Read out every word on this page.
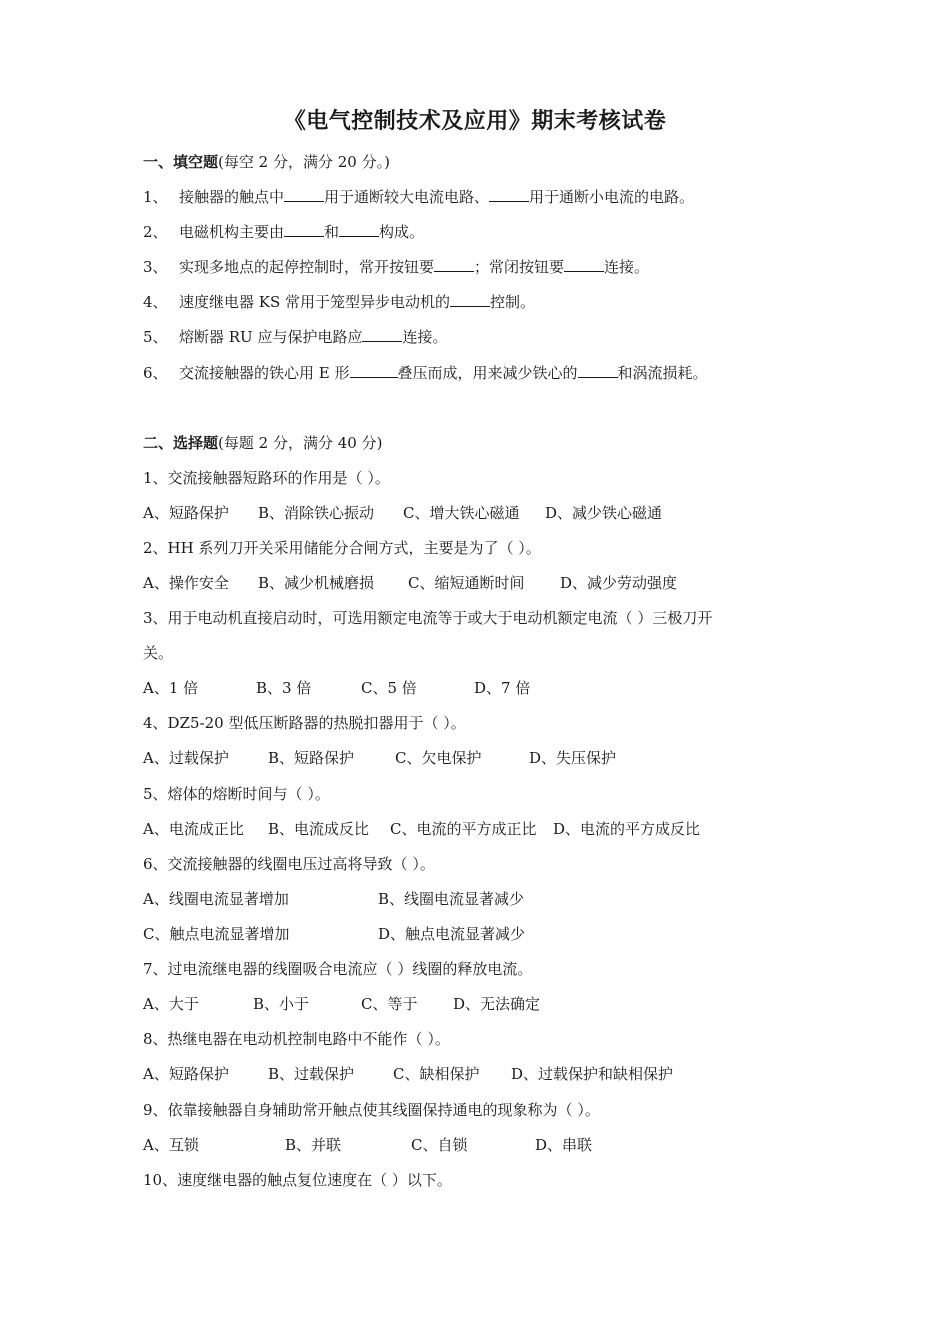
《电气控制技术及应用》期末考核试卷
一、填空题(每空 2 分，满分 20 分。)
1、 接触器的触点中	用于通断较大电流电路、	用于通断小电流的电路。
2、 电磁机构主要由	和	构成。
3、 实现多地点的起停控制时，常开按钮要	；常闭按钮要	连接。
4、 速度继电器 KS 常用于笼型异步电动机的	控制。
5、 熔断器 RU 应与保护电路应	连接。
6、 交流接触器的铁心用 E 形	叠压而成，用来减少铁心的	和涡流损耗。
二、选择题(每题 2 分，满分 40 分)
1、交流接触器短路环的作用是（ ）。
A、短路保护 B、消除铁心振动 C、增大铁心磁通 D、减少铁心磁通
2、HH 系列刀开关采用储能分合闸方式，主要是为了（ ）。
A、操作安全 B、减少机械磨损 C、缩短通断时间 D、减少劳动强度
3、用于电动机直接启动时，可选用额定电流等于或大于电动机额定电流（ ）三极刀开
关。
A、1 倍	B、3 倍	C、5 倍	D、7 倍
4、DZ5-20 型低压断路器的热脱扣器用于（ ）。
A、过载保护	B、短路保护	C、欠电保护	D、失压保护
5、熔体的熔断时间与（ ）。
A、电流成正比 B、电流成反比 C、电流的平方成正比 D、电流的平方成反比
6、交流接触器的线圈电压过高将导致（ ）。
A、线圈电流显著增加	B、线圈电流显著减少
C、触点电流显著增加	D、触点电流显著减少
7、过电流继电器的线圈吸合电流应（ ）线圈的释放电流。
A、大于	B、小于	C、等于 D、无法确定
8、热继电器在电动机控制电路中不能作（ ）。
A、短路保护	B、过载保护	C、缺相保护 D、过载保护和缺相保护
9、依靠接触器自身辅助常开触点使其线圈保持通电的现象称为（ ）。
A、互锁	B、并联	C、自锁	D、串联
10、速度继电器的触点复位速度在（ ）以下。
